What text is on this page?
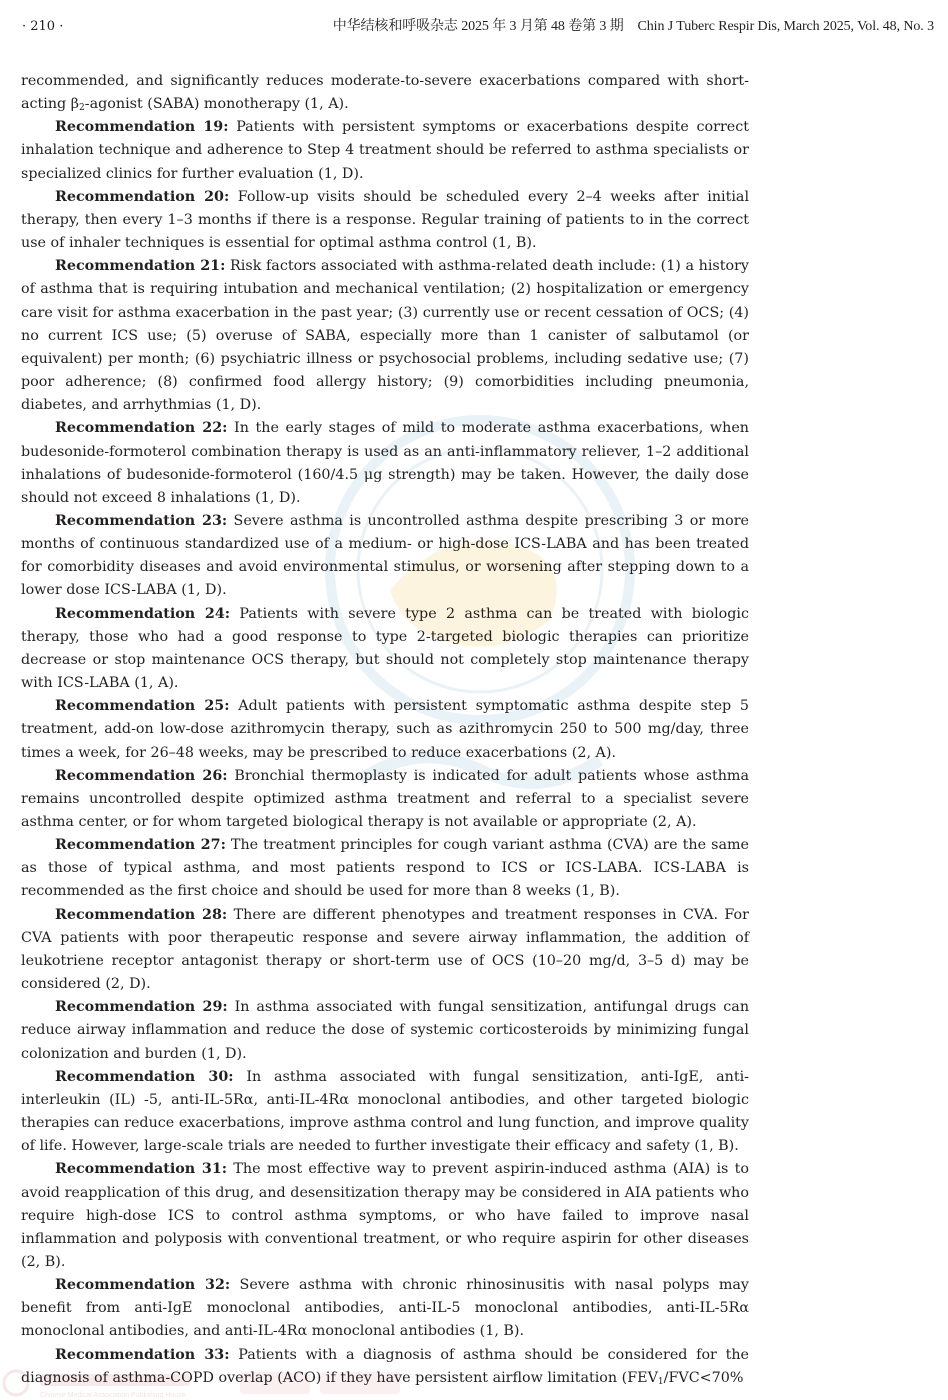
· 210 ·	中华结核和呼吸杂志 2025 年 3 月第 48 卷第 3 期　Chin J Tuberc Respir Dis, March 2025, Vol. 48, No. 3
Chinese Medical Association Publishing House

recommended, and significantly reduces moderate-to-severe exacerbations compared with short-acting $\beta_2$-agonist (SABA) monotherapy (1, A).

Recommendation 19: Patients with persistent symptoms or exacerbations despite correct inhalation technique and adherence to Step 4 treatment should be referred to asthma specialists or specialized clinics for further evaluation (1, D).

Recommendation 20: Follow-up visits should be scheduled every 2–4 weeks after initial therapy, then every 1–3 months if there is a response. Regular training of patients to in the correct use of inhaler techniques is essential for optimal asthma control (1, B).

Recommendation 21: Risk factors associated with asthma-related death include: (1) a history of asthma that is requiring intubation and mechanical ventilation; (2) hospitalization or emergency care visit for asthma exacerbation in the past year; (3) currently use or recent cessation of OCS; (4) no current ICS use; (5) overuse of SABA, especially more than 1 canister of salbutamol (or equivalent) per month; (6) psychiatric illness or psychosocial problems, including sedative use; (7) poor adherence; (8) confirmed food allergy history; (9) comorbidities including pneumonia, diabetes, and arrhythmias (1, D).

Recommendation 22: In the early stages of mild to moderate asthma exacerbations, when budesonide-formoterol combination therapy is used as an anti-inflammatory reliever, 1–2 additional inhalations of budesonide-formoterol (160/4.5 μg strength) may be taken. However, the daily dose should not exceed 8 inhalations (1, D).

Recommendation 23: Severe asthma is uncontrolled asthma despite prescribing 3 or more months of continuous standardized use of a medium- or high-dose ICS-LABA and has been treated for comorbidity diseases and avoid environmental stimulus, or worsening after stepping down to a lower dose ICS-LABA (1, D).

Recommendation 24: Patients with severe type 2 asthma can be treated with biologic therapy, those who had a good response to type 2-targeted biologic therapies can prioritize decrease or stop maintenance OCS therapy, but should not completely stop maintenance therapy with ICS-LABA (1, A).

Recommendation 25: Adult patients with persistent symptomatic asthma despite step 5 treatment, add-on low-dose azithromycin therapy, such as azithromycin 250 to 500 mg/day, three times a week, for 26–48 weeks, may be prescribed to reduce exacerbations (2, A).

Recommendation 26: Bronchial thermoplasty is indicated for adult patients whose asthma remains uncontrolled despite optimized asthma treatment and referral to a specialist severe asthma center, or for whom targeted biological therapy is not available or appropriate (2, A).

Recommendation 27: The treatment principles for cough variant asthma (CVA) are the same as those of typical asthma, and most patients respond to ICS or ICS-LABA. ICS-LABA is recommended as the first choice and should be used for more than 8 weeks (1, B).

Recommendation 28: There are different phenotypes and treatment responses in CVA. For CVA patients with poor therapeutic response and severe airway inflammation, the addition of leukotriene receptor antagonist therapy or short-term use of OCS (10–20 mg/d, 3–5 d) may be considered (2, D).

Recommendation 29: In asthma associated with fungal sensitization, antifungal drugs can reduce airway inflammation and reduce the dose of systemic corticosteroids by minimizing fungal colonization and burden (1, D).

Recommendation 30: In asthma associated with fungal sensitization, anti-IgE, anti-interleukin (IL) -5, anti-IL-5Rα, anti-IL-4Rα monoclonal antibodies, and other targeted biologic therapies can reduce exacerbations, improve asthma control and lung function, and improve quality of life. However, large-scale trials are needed to further investigate their efficacy and safety (1, B).

Recommendation 31: The most effective way to prevent aspirin-induced asthma (AIA) is to avoid reapplication of this drug, and desensitization therapy may be considered in AIA patients who require high-dose ICS to control asthma symptoms, or who have failed to improve nasal inflammation and polyposis with conventional treatment, or who require aspirin for other diseases (2, B).

Recommendation 32: Severe asthma with chronic rhinosinusitis with nasal polyps may benefit from anti-IgE monoclonal antibodies, anti-IL-5 monoclonal antibodies, anti-IL-5Rα monoclonal antibodies, and anti-IL-4Rα monoclonal antibodies (1, B).

Recommendation 33: Patients with a diagnosis of asthma should be considered for the diagnosis of asthma-COPD overlap (ACO) if they have persistent airflow limitation ($FEV_1/FVC<70\%$
